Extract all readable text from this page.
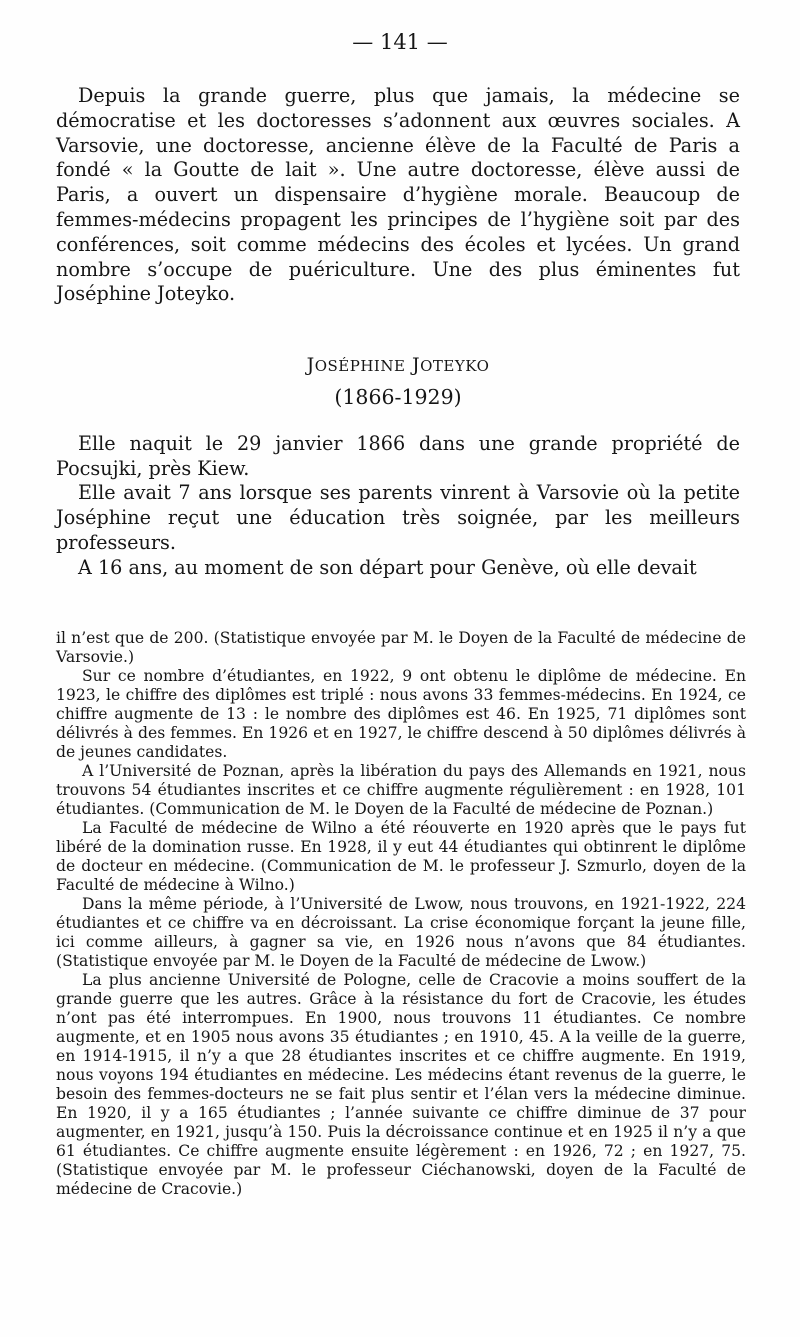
— 141 —

Depuis la grande guerre, plus que jamais, la médecine se démocratise et les doctoresses s’adonnent aux œuvres sociales. A Varsovie, une doctoresse, ancienne élève de la Faculté de Paris a fondé « la Goutte de lait ». Une autre doctoresse, élève aussi de Paris, a ouvert un dispensaire d’hygiène morale. Beaucoup de femmes-médecins propagent les principes de l’hygiène soit par des conférences, soit comme médecins des écoles et lycées. Un grand nombre s’occupe de puériculture. Une des plus éminentes fut Joséphine Joteyko.

JOSÉPHINE JOTEYKO
(1866-1929)

Elle naquit le 29 janvier 1866 dans une grande propriété de Pocsujki, près Kiew.

Elle avait 7 ans lorsque ses parents vinrent à Varsovie où la petite Joséphine reçut une éducation très soignée, par les meilleurs professeurs.

A 16 ans, au moment de son départ pour Genève, où elle devait

il n’est que de 200. (Statistique envoyée par M. le Doyen de la Faculté de médecine de Varsovie.)

Sur ce nombre d’étudiantes, en 1922, 9 ont obtenu le diplôme de médecine. En 1923, le chiffre des diplômes est triplé : nous avons 33 femmes-médecins. En 1924, ce chiffre augmente de 13 : le nombre des diplômes est 46. En 1925, 71 diplômes sont délivrés à des femmes. En 1926 et en 1927, le chiffre descend à 50 diplômes délivrés à de jeunes candidates.

A l’Université de Poznan, après la libération du pays des Allemands en 1921, nous trouvons 54 étudiantes inscrites et ce chiffre augmente régulièrement : en 1928, 101 étudiantes. (Communication de M. le Doyen de la Faculté de médecine de Poznan.)

La Faculté de médecine de Wilno a été réouverte en 1920 après que le pays fut libéré de la domination russe. En 1928, il y eut 44 étudiantes qui obtinrent le diplôme de docteur en médecine. (Communication de M. le professeur J. Szmurlo, doyen de la Faculté de médecine à Wilno.)

Dans la même période, à l’Université de Lwow, nous trouvons, en 1921-1922, 224 étudiantes et ce chiffre va en décroissant. La crise économique forçant la jeune fille, ici comme ailleurs, à gagner sa vie, en 1926 nous n’avons que 84 étudiantes. (Statistique envoyée par M. le Doyen de la Faculté de médecine de Lwow.)

La plus ancienne Université de Pologne, celle de Cracovie a moins souffert de la grande guerre que les autres. Grâce à la résistance du fort de Cracovie, les études n’ont pas été interrompues. En 1900, nous trouvons 11 étudiantes. Ce nombre augmente, et en 1905 nous avons 35 étudiantes ; en 1910, 45. A la veille de la guerre, en 1914-1915, il n’y a que 28 étudiantes inscrites et ce chiffre augmente. En 1919, nous voyons 194 étudiantes en médecine. Les médecins étant revenus de la guerre, le besoin des femmes-docteurs ne se fait plus sentir et l’élan vers la médecine diminue. En 1920, il y a 165 étudiantes ; l’année suivante ce chiffre diminue de 37 pour augmenter, en 1921, jusqu’à 150. Puis la décroissance continue et en 1925 il n’y a que 61 étudiantes. Ce chiffre augmente ensuite légèrement : en 1926, 72 ; en 1927, 75. (Statistique envoyée par M. le professeur Ciéchanowski, doyen de la Faculté de médecine de Cracovie.)
